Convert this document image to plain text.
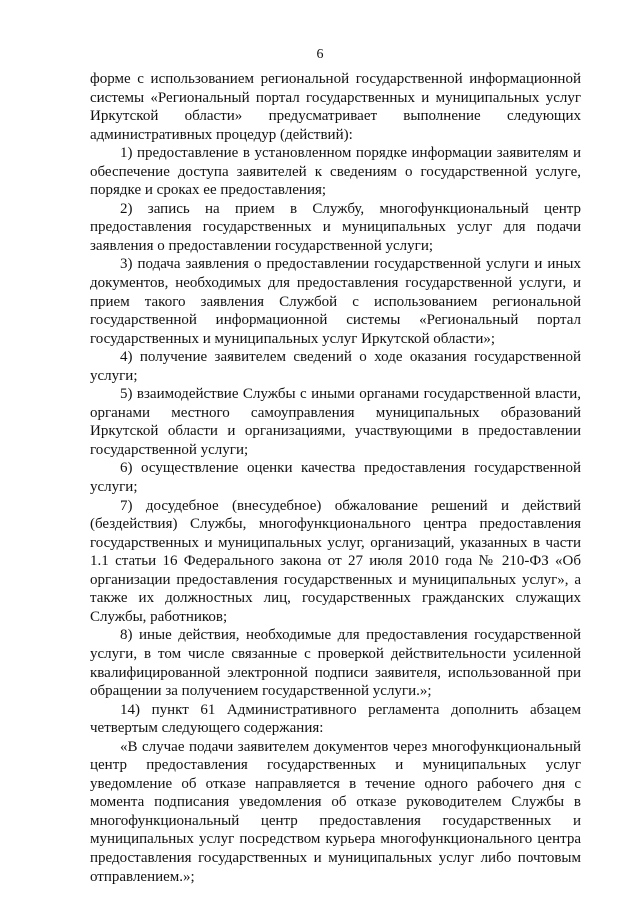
6

форме с использованием региональной государственной информационной системы «Региональный портал государственных и муниципальных услуг Иркутской области» предусматривает выполнение следующих административных процедур (действий):

1) предоставление в установленном порядке информации заявителям и обеспечение доступа заявителей к сведениям о государственной услуге, порядке и сроках ее предоставления;

2) запись на прием в Службу, многофункциональный центр предоставления государственных и муниципальных услуг для подачи заявления о предоставлении государственной услуги;

3) подача заявления о предоставлении государственной услуги и иных документов, необходимых для предоставления государственной услуги, и прием такого заявления Службой с использованием региональной государственной информационной системы «Региональный портал государственных и муниципальных услуг Иркутской области»;

4) получение заявителем сведений о ходе оказания государственной услуги;

5) взаимодействие Службы с иными органами государственной власти, органами местного самоуправления муниципальных образований Иркутской области и организациями, участвующими в предоставлении государственной услуги;

6) осуществление оценки качества предоставления государственной услуги;

7) досудебное (внесудебное) обжалование решений и действий (бездействия) Службы, многофункционального центра предоставления государственных и муниципальных услуг, организаций, указанных в части 1.1 статьи 16 Федерального закона от 27 июля 2010 года № 210-ФЗ «Об организации предоставления государственных и муниципальных услуг», а также их должностных лиц, государственных гражданских служащих Службы, работников;

8) иные действия, необходимые для предоставления государственной услуги, в том числе связанные с проверкой действительности усиленной квалифицированной электронной подписи заявителя, использованной при обращении за получением государственной услуги.»;

14) пункт 61 Административного регламента дополнить абзацем четвертым следующего содержания:

«В случае подачи заявителем документов через многофункциональный центр предоставления государственных и муниципальных услуг уведомление об отказе направляется в течение одного рабочего дня с момента подписания уведомления об отказе руководителем Службы в многофункциональный центр предоставления государственных и муниципальных услуг посредством курьера многофункционального центра предоставления государственных и муниципальных услуг либо почтовым отправлением.»;
